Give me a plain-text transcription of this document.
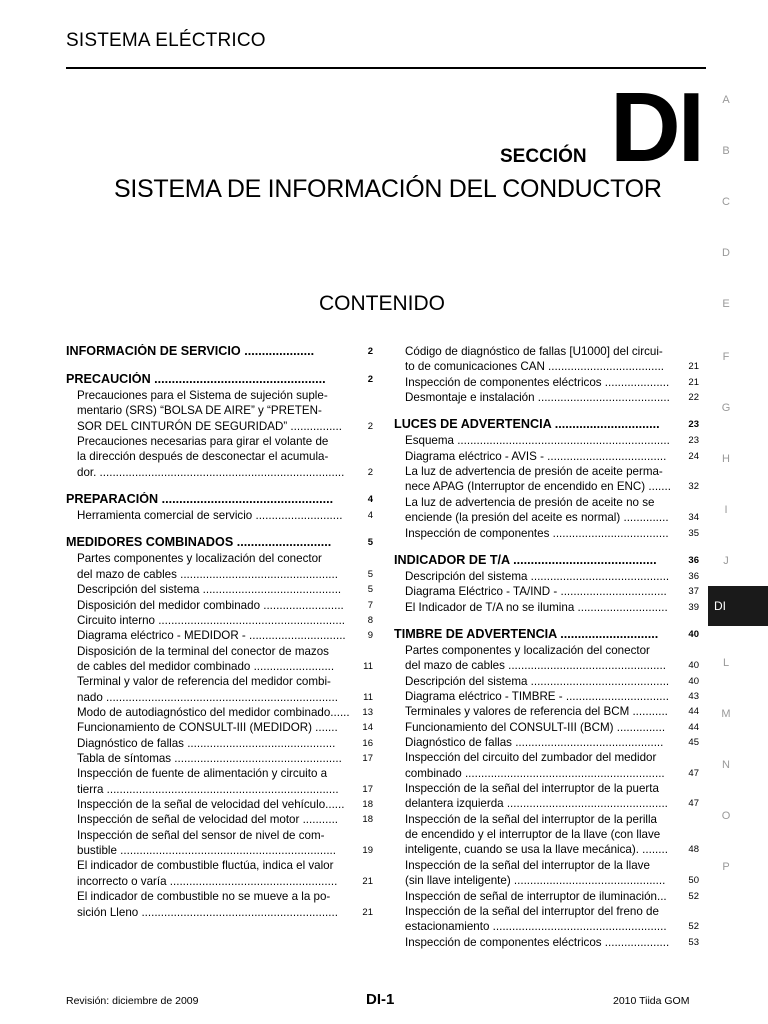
SISTEMA ELÉCTRICO
SECCIÓN DI
SISTEMA DE INFORMACIÓN DEL CONDUCTOR
CONTENIDO
INFORMACIÓN DE SERVICIO ....................	2
PRECAUCIÓN .................................................	2
Precauciones para el Sistema de sujeción suple-
mentario (SRS) “BOLSA DE AIRE” y “PRETEN-
SOR DEL CINTURÓN DE SEGURIDAD” ................	2
Precauciones necesarias para girar el volante de
la dirección después de desconectar el acumula-
dor. ............................................................................ 2
PREPARACIÓN .................................................	4
Herramienta comercial de servicio ...........................	4
MEDIDORES COMBINADOS ...........................	5
Partes componentes y localización del conector
del mazo de cables .................................................	5
Descripción del sistema ...........................................	5
Disposición del medidor combinado .........................	7
Circuito interno .......................................................... 8
Diagrama eléctrico - MEDIDOR - .............................. 9
Disposición de la terminal del conector de mazos
de cables del medidor combinado .........................	11
Terminal y valor de referencia del medidor combi-
nado ........................................................................	11
Modo de autodiagnóstico del medidor combinado...... 13
Funcionamiento de CONSULT-III (MEDIDOR) .......	14
Diagnóstico de fallas ..............................................	16
Tabla de síntomas .................................................... 17
Inspección de fuente de alimentación y circuito a
tierra ........................................................................	17
Inspección de la señal de velocidad del vehículo...... 18
Inspección de señal de velocidad del motor ...........	18
Inspección de señal del sensor de nivel de com-
bustible ...................................................................	19
El indicador de combustible fluctúa, indica el valor
incorrecto o varía ....................................................	21
El indicador de combustible no se mueve a la po-
sición Lleno .............................................................	21
Código de diagnóstico de fallas [U1000] del circui-
to de comunicaciones CAN ....................................	21
Inspección de componentes eléctricos .................... 21
Desmontaje e instalación ......................................... 22
LUCES DE ADVERTENCIA ..............................	23
Esquema .................................................................. 23
Diagrama eléctrico - AVIS - ..................................... 24
La luz de advertencia de presión de aceite perma-
nece APAG (Interruptor de encendido en ENC) ....... 32
La luz de advertencia de presión de aceite no se
enciende (la presión del aceite es normal) .............. 34
Inspección de componentes .................................... 35
INDICADOR DE T/A .........................................	36
Descripción del sistema ........................................... 36
Diagrama Eléctrico - TA/IND - ................................. 37
El Indicador de T/A no se ilumina ............................ 39
TIMBRE DE ADVERTENCIA ............................	40
Partes componentes y localización del conector
del mazo de cables ................................................. 40
Descripción del sistema ........................................... 40
Diagrama eléctrico - TIMBRE - ................................ 43
Terminales y valores de referencia del BCM ........... 44
Funcionamiento del CONSULT-III (BCM) ............... 44
Diagnóstico de fallas ..............................................	45
Inspección del circuito del zumbador del medidor
combinado ..............................................................	47
Inspección de la señal del interruptor de la puerta
delantera izquierda .................................................. 47
Inspección de la señal del interruptor de la perilla
de encendido y el interruptor de la llave (con llave
inteligente, cuando se usa la llave mecánica). ........ 48
Inspección de la señal del interruptor de la llave
(sin llave inteligente) ............................................... 50
Inspección de señal de interruptor de iluminación... 52
Inspección de la señal del interruptor del freno de
estacionamiento ...................................................... 52
Inspección de componentes eléctricos .................... 53
A
B
C
D
E
F
G
H
I
J
L
M
N
O
P
DI
Revisión: diciembre de 2009	DI-1	2010 Tiida GOM
